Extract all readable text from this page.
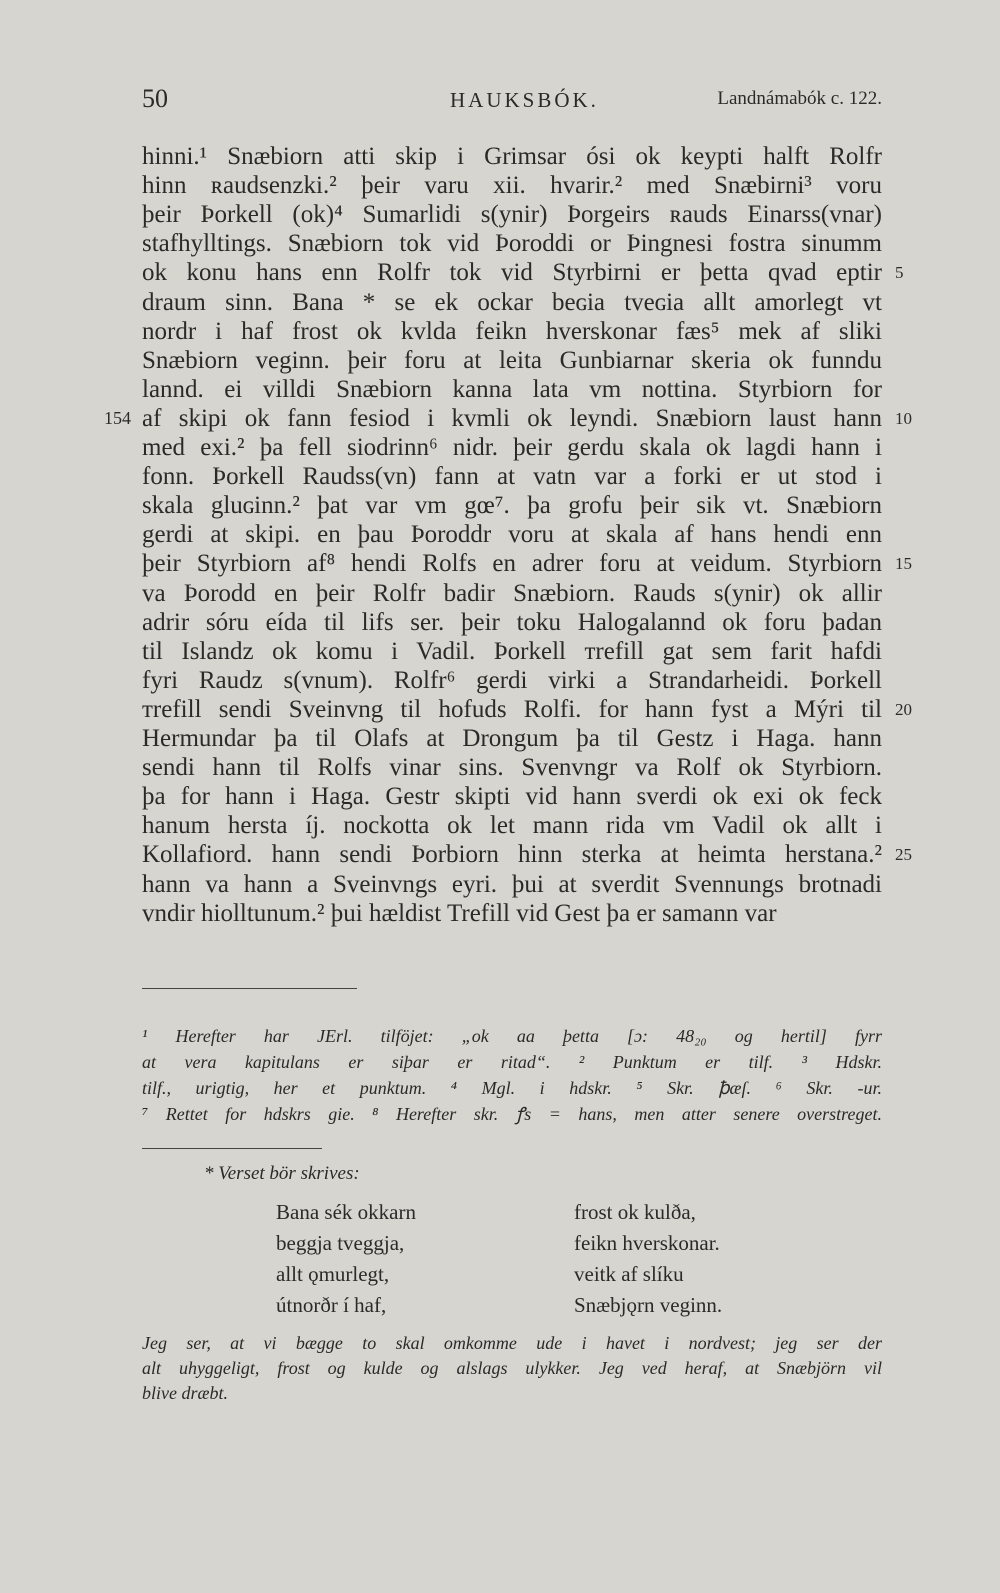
50	HAUKSBÓK.	Landnámabók c. 122.
hinni.¹ Snæbiorn atti skip i Grimsar ósi ok keypti halft Rolfr
hinn ʀaudsenzki.² þeir varu xii. hvarir.² med Snæbirni³ voru
þeir Þorkell (ok)⁴ Sumarlidi s(ynir) Þorgeirs ʀauds Einarss(vnar)
stafhylltings. Snæbiorn tok vid Þoroddi or Þingnesi fostra sinumm
ok konu hans enn Rolfr tok vid Styrbirni er þetta qvad eptir 5
draum sinn. Bana * se ek ockar beɢia tveɢia allt amorlegt vt
nordr i haf frost ok kvlda feikn hverskonar fæs⁵ mek af sliki
Snæbiorn veginn. þeir foru at leita Gunbiarnar skeria ok funndu
lannd. ei villdi Snæbiorn kanna lata vm nottina. Styrbiorn for
af skipi ok fann fesiod i kvmli ok leyndi. Snæbiorn laust hann 10
154
med exi.² þa fell siodrinn⁶ nidr. þeir gerdu skala ok lagdi hann i
fonn. Þorkell Raudss(vn) fann at vatn var a forki er ut stod i
skala gluɢinn.² þat var vm gœ⁷. þa grofu þeir sik vt. Snæbiorn
gerdi at skipi. en þau Þoroddr voru at skala af hans hendi enn
þeir Styrbiorn af⁸ hendi Rolfs en adrer foru at veidum. Styrbiorn 15
va Þorodd en þeir Rolfr badir Snæbiorn. Rauds s(ynir) ok allir
adrir sóru eída til lifs ser. þeir toku Halogalannd ok foru þadan
til Islandz ok komu i Vadil. Þorkell ᴛrefill gat sem farit hafdi
fyri Raudz s(vnum). Rolfr⁶ gerdi virki a Strandarheidi. Þorkell
ᴛrefill sendi Sveinvng til hofuds Rolfi. for hann fyst a Mýri til 20
Hermundar þa til Olafs at Drongum þa til Gestz i Haga. hann
sendi hann til Rolfs vinar sins. Svenvngr va Rolf ok Styrbiorn.
þa for hann i Haga. Gestr skipti vid hann sverdi ok exi ok feck
hanum hersta íj. nockotta ok let mann rida vm Vadil ok allt i
Kollafiord. hann sendi Þorbiorn hinn sterka at heimta herstana.² 25
hann va hann a Sveinvngs eyri. þui at sverdit Svennungs brotnadi
vndir hiolltunum.² þui hældist Trefill vid Gest þa er samann var
¹ Herefter har JErl. tilföjet: „ok aa þetta [ɔ: 48₂₀ og hertil] fyrr
at vera kapitulans er siþar er ritad“. ² Punktum er tilf. ³ Hdskr.
tilf., urigtig, her et punktum. ⁴ Mgl. i hdskr. ⁵ Skr. ꝥæſ. ⁶ Skr. -ur.
⁷ Rettet for hdskrs gie. ⁸ Herefter skr. ꝭs = hans, men atter senere overstreget.
* Verset bör skrives:
Bana sék okkarn
beggja tveggja,
allt ǫmurlegt,
útnorðr í haf,
frost ok kulða,
feikn hverskonar.
veitk af slíku
Snæbjǫrn veginn.
Jeg ser, at vi bægge to skal omkomme ude i havet i nordvest; jeg ser der
alt uhyggeligt, frost og kulde og alslags ulykker. Jeg ved heraf, at Snæbjörn vil
blive dræbt.
